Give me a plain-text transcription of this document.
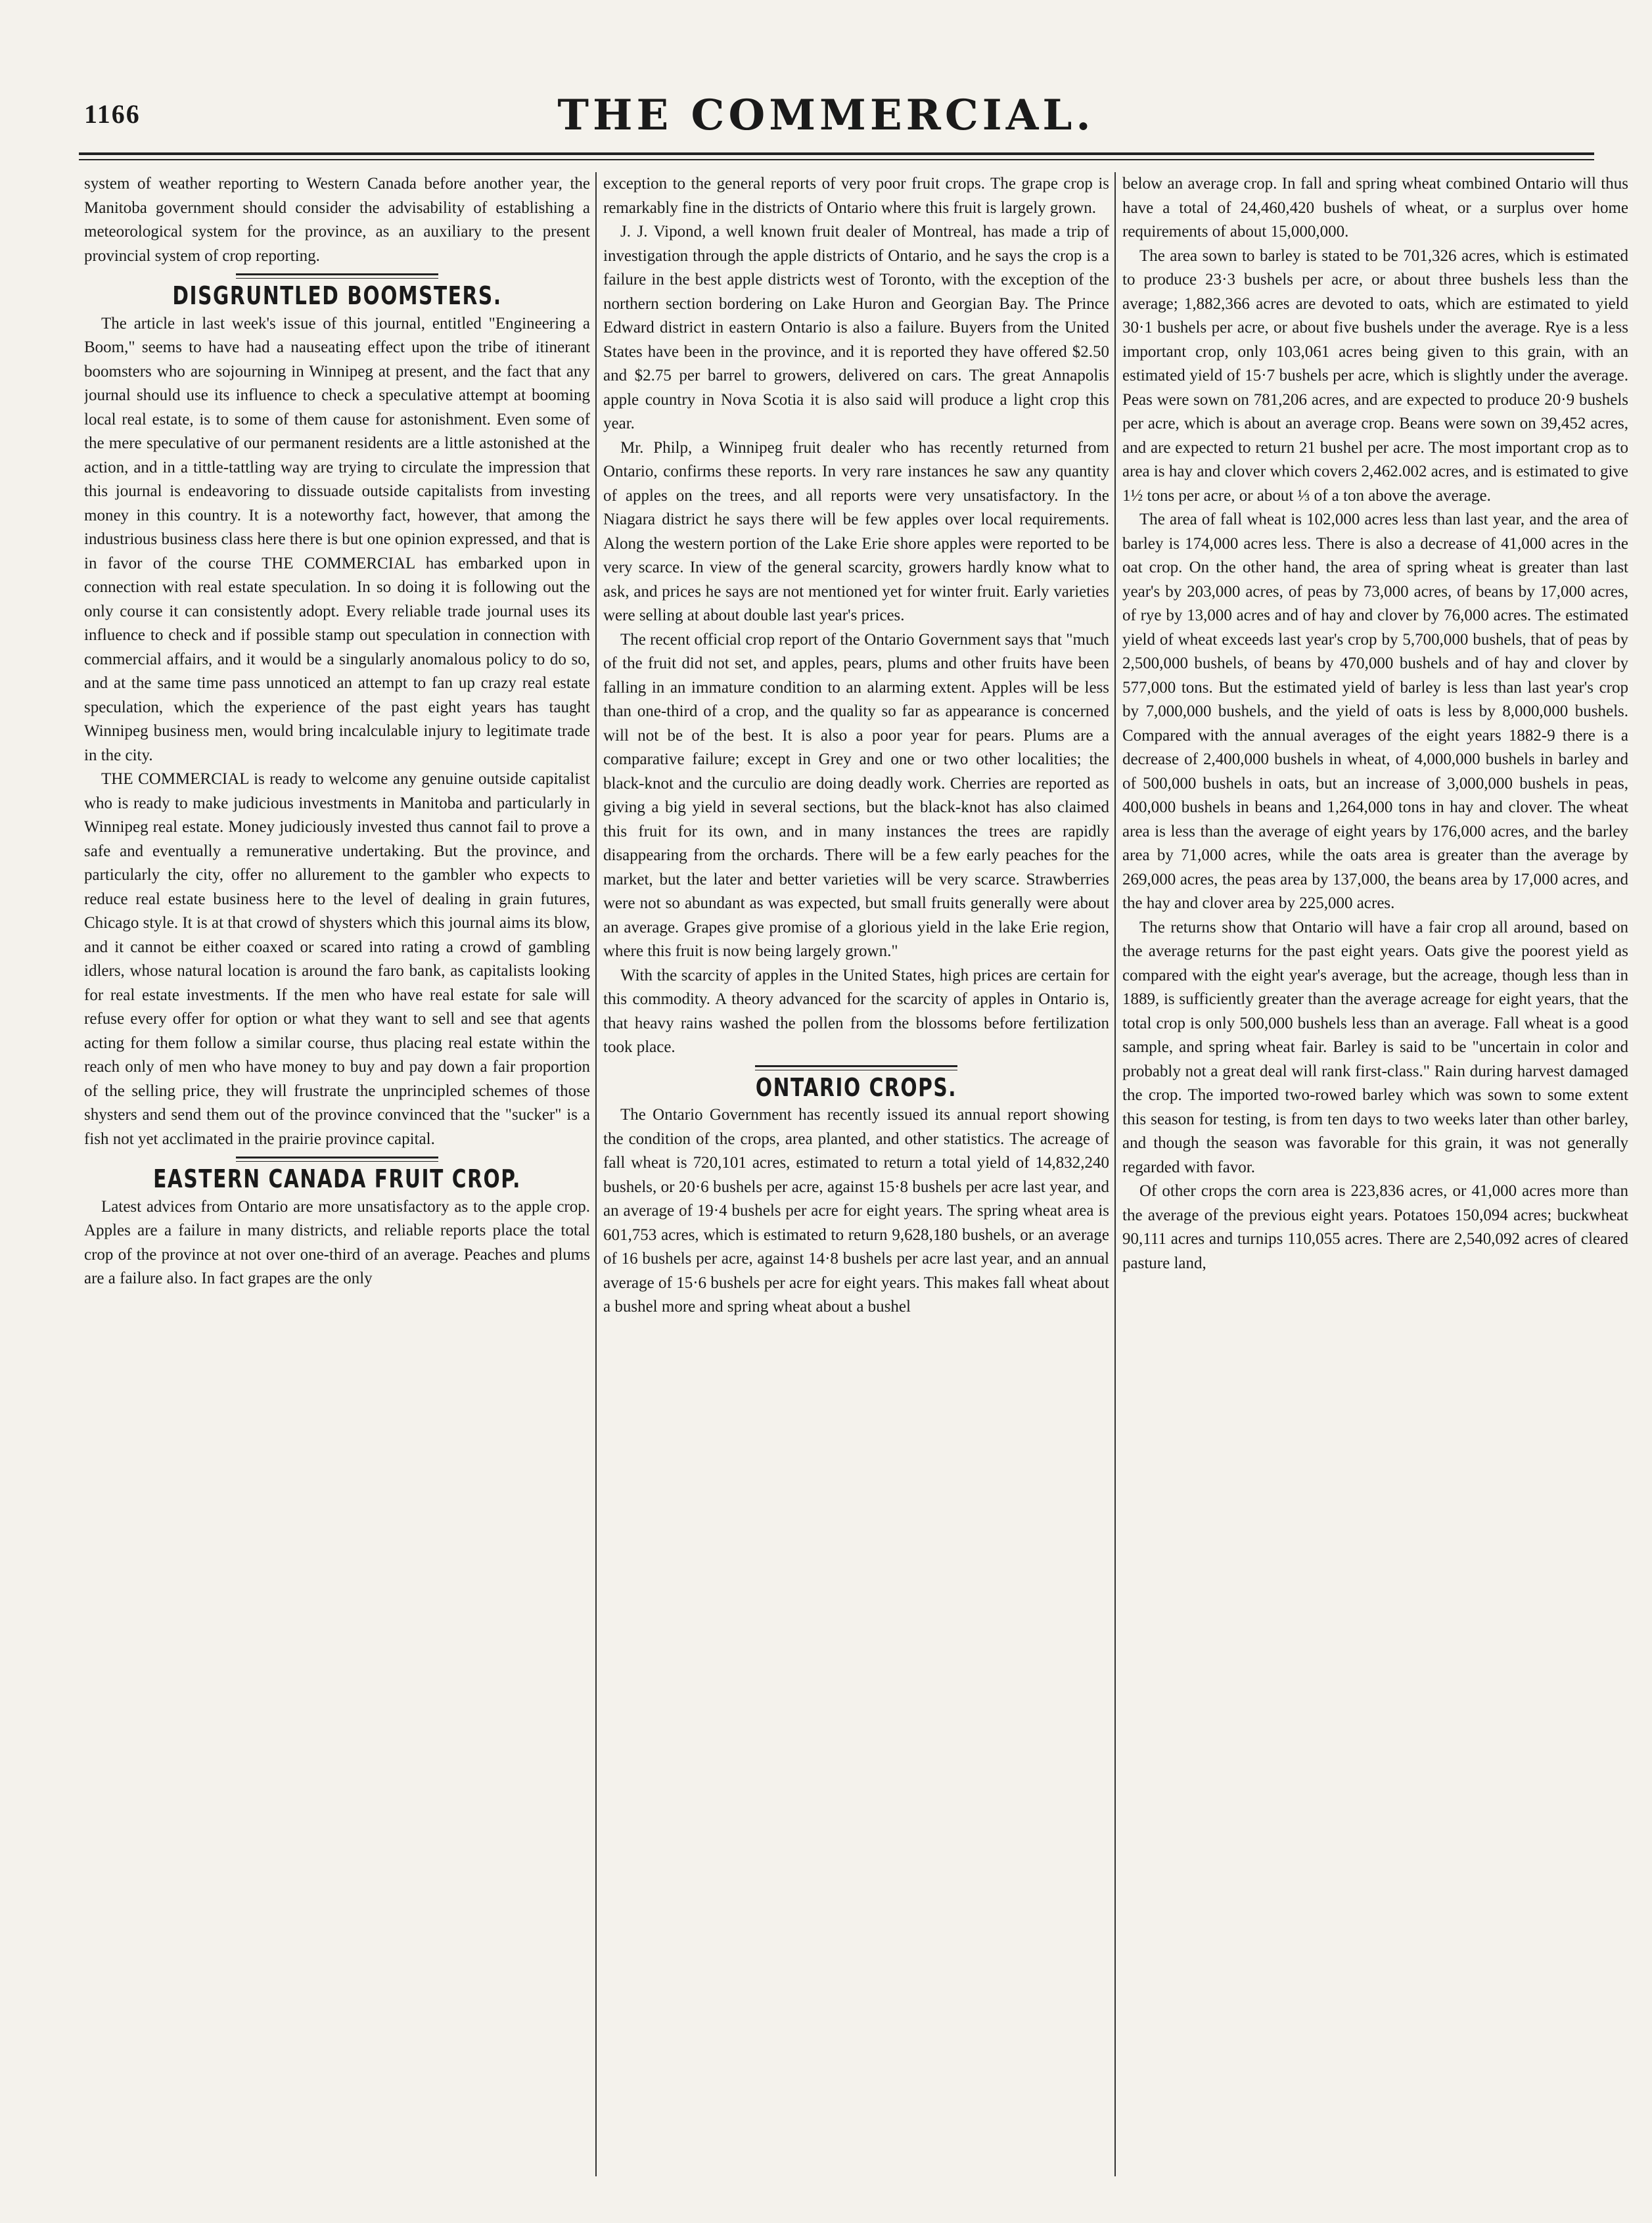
1166	THE COMMERCIAL.

system of weather reporting to Western Canada before another year, the Manitoba government should consider the advisability of establishing a meteorological system for the province, as an auxiliary to the present provincial system of crop reporting.

DISGRUNTLED BOOMSTERS.

The article in last week's issue of this journal, entitled "Engineering a Boom," seems to have had a nauseating effect upon the tribe of itinerant boomsters who are sojourning in Winnipeg at present, and the fact that any journal should use its influence to check a speculative attempt at booming local real estate, is to some of them cause for astonishment. Even some of the mere speculative of our permanent residents are a little astonished at the action, and in a tittle-tattling way are trying to circulate the impression that this journal is endeavoring to dissuade outside capitalists from investing money in this country. It is a noteworthy fact, however, that among the industrious business class here there is but one opinion expressed, and that is in favor of the course THE COMMERCIAL has embarked upon in connection with real estate speculation. In so doing it is following out the only course it can consistently adopt. Every reliable trade journal uses its influence to check and if possible stamp out speculation in connection with commercial affairs, and it would be a singularly anomalous policy to do so, and at the same time pass unnoticed an attempt to fan up crazy real estate speculation, which the experience of the past eight years has taught Winnipeg business men, would bring incalculable injury to legitimate trade in the city.

THE COMMERCIAL is ready to welcome any genuine outside capitalist who is ready to make judicious investments in Manitoba and particularly in Winnipeg real estate. Money judiciously invested thus cannot fail to prove a safe and eventually a remunerative undertaking. But the province, and particularly the city, offer no allurement to the gambler who expects to reduce real estate business here to the level of dealing in grain futures, Chicago style. It is at that crowd of shysters which this journal aims its blow, and it cannot be either coaxed or scared into rating a crowd of gambling idlers, whose natural location is around the faro bank, as capitalists looking for real estate investments. If the men who have real estate for sale will refuse every offer for option or what they want to sell and see that agents acting for them follow a similar course, thus placing real estate within the reach only of men who have money to buy and pay down a fair proportion of the selling price, they will frustrate the unprincipled schemes of those shysters and send them out of the province convinced that the "sucker" is a fish not yet acclimated in the prairie province capital.

EASTERN CANADA FRUIT CROP.

Latest advices from Ontario are more unsatisfactory as to the apple crop. Apples are a failure in many districts, and reliable reports place the total crop of the province at not over one-third of an average. Peaches and plums are a failure also. In fact grapes are the only

exception to the general reports of very poor fruit crops. The grape crop is remarkably fine in the districts of Ontario where this fruit is largely grown.

J. J. Vipond, a well known fruit dealer of Montreal, has made a trip of investigation through the apple districts of Ontario, and he says the crop is a failure in the best apple districts west of Toronto, with the exception of the northern section bordering on Lake Huron and Georgian Bay. The Prince Edward district in eastern Ontario is also a failure. Buyers from the United States have been in the province, and it is reported they have offered $2.50 and $2.75 per barrel to growers, delivered on cars. The great Annapolis apple country in Nova Scotia it is also said will produce a light crop this year.

Mr. Philp, a Winnipeg fruit dealer who has recently returned from Ontario, confirms these reports. In very rare instances he saw any quantity of apples on the trees, and all reports were very unsatisfactory. In the Niagara district he says there will be few apples over local requirements. Along the western portion of the Lake Erie shore apples were reported to be very scarce. In view of the general scarcity, growers hardly know what to ask, and prices he says are not mentioned yet for winter fruit. Early varieties were selling at about double last year's prices.

The recent official crop report of the Ontario Government says that "much of the fruit did not set, and apples, pears, plums and other fruits have been falling in an immature condition to an alarming extent. Apples will be less than one-third of a crop, and the quality so far as appearance is concerned will not be of the best. It is also a poor year for pears. Plums are a comparative failure; except in Grey and one or two other localities; the black-knot and the curculio are doing deadly work. Cherries are reported as giving a big yield in several sections, but the black-knot has also claimed this fruit for its own, and in many instances the trees are rapidly disappearing from the orchards. There will be a few early peaches for the market, but the later and better varieties will be very scarce. Strawberries were not so abundant as was expected, but small fruits generally were about an average. Grapes give promise of a glorious yield in the lake Erie region, where this fruit is now being largely grown."

With the scarcity of apples in the United States, high prices are certain for this commodity. A theory advanced for the scarcity of apples in Ontario is, that heavy rains washed the pollen from the blossoms before fertilization took place.

ONTARIO CROPS.

The Ontario Government has recently issued its annual report showing the condition of the crops, area planted, and other statistics. The acreage of fall wheat is 720,101 acres, estimated to return a total yield of 14,832,240 bushels, or 20·6 bushels per acre, against 15·8 bushels per acre last year, and an average of 19·4 bushels per acre for eight years. The spring wheat area is 601,753 acres, which is estimated to return 9,628,180 bushels, or an average of 16 bushels per acre, against 14·8 bushels per acre last year, and an annual average of 15·6 bushels per acre for eight years. This makes fall wheat about a bushel more and spring wheat about a bushel

below an average crop. In fall and spring wheat combined Ontario will thus have a total of 24,460,420 bushels of wheat, or a surplus over home requirements of about 15,000,000.

The area sown to barley is stated to be 701,326 acres, which is estimated to produce 23·3 bushels per acre, or about three bushels less than the average; 1,882,366 acres are devoted to oats, which are estimated to yield 30·1 bushels per acre, or about five bushels under the average. Rye is a less important crop, only 103,061 acres being given to this grain, with an estimated yield of 15·7 bushels per acre, which is slightly under the average. Peas were sown on 781,206 acres, and are expected to produce 20·9 bushels per acre, which is about an average crop. Beans were sown on 39,452 acres, and are expected to return 21 bushel per acre. The most important crop as to area is hay and clover which covers 2,462.002 acres, and is estimated to give 1½ tons per acre, or about ⅓ of a ton above the average.

The area of fall wheat is 102,000 acres less than last year, and the area of barley is 174,000 acres less. There is also a decrease of 41,000 acres in the oat crop. On the other hand, the area of spring wheat is greater than last year's by 203,000 acres, of peas by 73,000 acres, of beans by 17,000 acres, of rye by 13,000 acres and of hay and clover by 76,000 acres. The estimated yield of wheat exceeds last year's crop by 5,700,000 bushels, that of peas by 2,500,000 bushels, of beans by 470,000 bushels and of hay and clover by 577,000 tons. But the estimated yield of barley is less than last year's crop by 7,000,000 bushels, and the yield of oats is less by 8,000,000 bushels. Compared with the annual averages of the eight years 1882-9 there is a decrease of 2,400,000 bushels in wheat, of 4,000,000 bushels in barley and of 500,000 bushels in oats, but an increase of 3,000,000 bushels in peas, 400,000 bushels in beans and 1,264,000 tons in hay and clover. The wheat area is less than the average of eight years by 176,000 acres, and the barley area by 71,000 acres, while the oats area is greater than the average by 269,000 acres, the peas area by 137,000, the beans area by 17,000 acres, and the hay and clover area by 225,000 acres.

The returns show that Ontario will have a fair crop all around, based on the average returns for the past eight years. Oats give the poorest yield as compared with the eight year's average, but the acreage, though less than in 1889, is sufficiently greater than the average acreage for eight years, that the total crop is only 500,000 bushels less than an average. Fall wheat is a good sample, and spring wheat fair. Barley is said to be "uncertain in color and probably not a great deal will rank first-class." Rain during harvest damaged the crop. The imported two-rowed barley which was sown to some extent this season for testing, is from ten days to two weeks later than other barley, and though the season was favorable for this grain, it was not generally regarded with favor.

Of other crops the corn area is 223,836 acres, or 41,000 acres more than the average of the previous eight years. Potatoes 150,094 acres; buckwheat 90,111 acres and turnips 110,055 acres. There are 2,540,092 acres of cleared pasture land,
